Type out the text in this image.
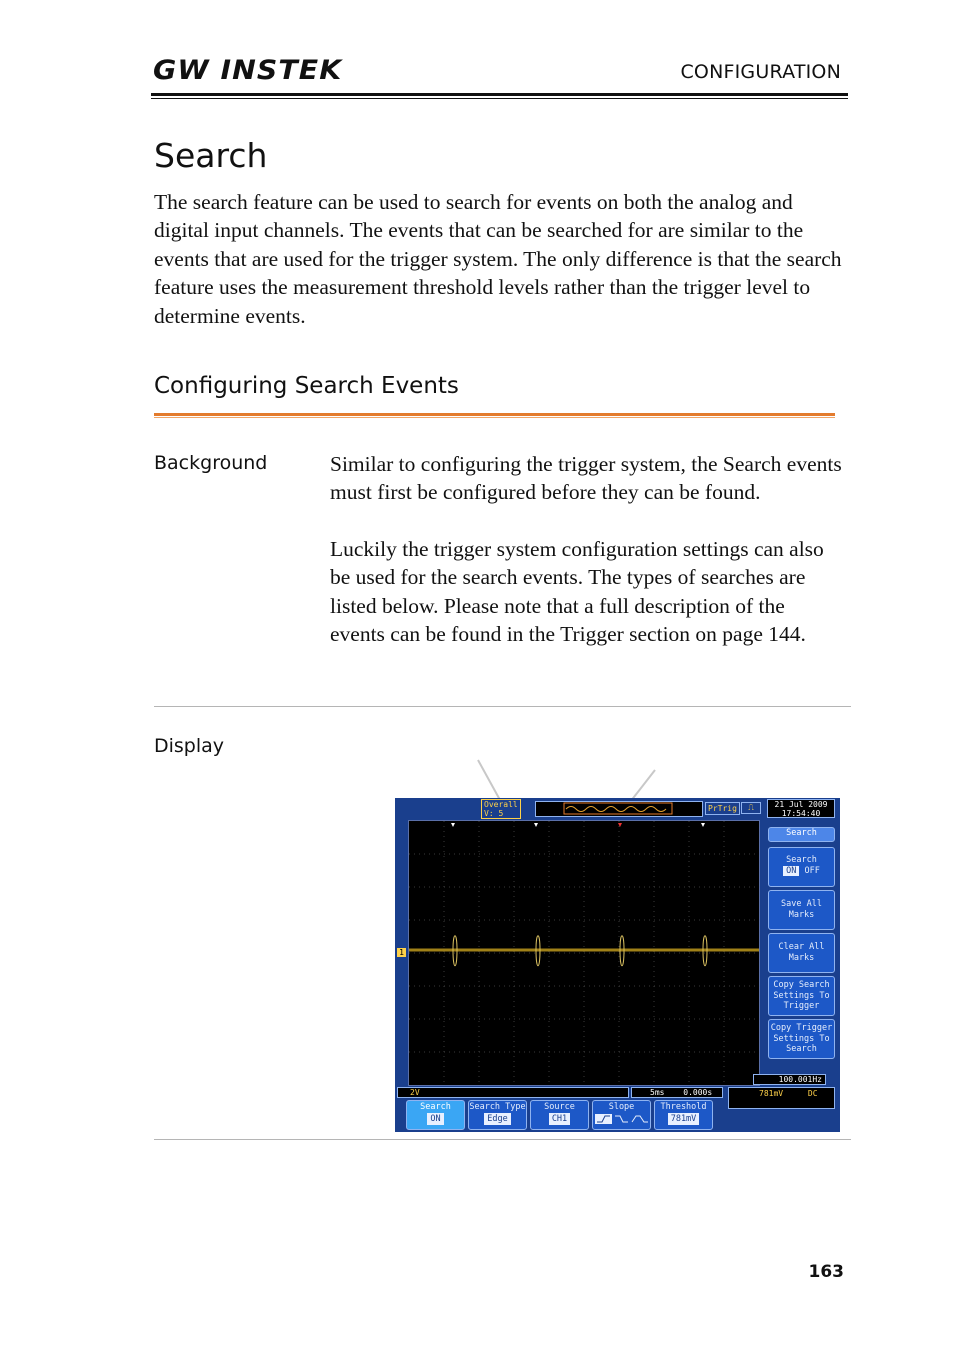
GW INSTEK	CONFIGURATION
Search
The search feature can be used to search for events on both the analog and digital input channels. The events that can be searched for are similar to the events that are used for the trigger system. The only difference is that the search feature uses the measurement threshold levels rather than the trigger level to determine events.
Configuring Search Events
Background	Similar to configuring the trigger system, the Search events must first be configured before they can be found.

Luckily the trigger system configuration settings can also be used for the search events. The types of searches are listed below. Please note that a full description of the events can be found in the Trigger section on page 144.

Display
Overall
V: 5
PrTrig	⎍	21 Jul 2009
17:54:40
1
Search
Search
ON OFF
Save All Marks
Clear All Marks
Copy Search Settings To Trigger
Copy Trigger Settings To Search
2V	5ms 0.000s
100.001Hz
781mV	DC
Search
ON
Search Type
Edge
Source
CH1
Slope	Threshold
781mV
163
